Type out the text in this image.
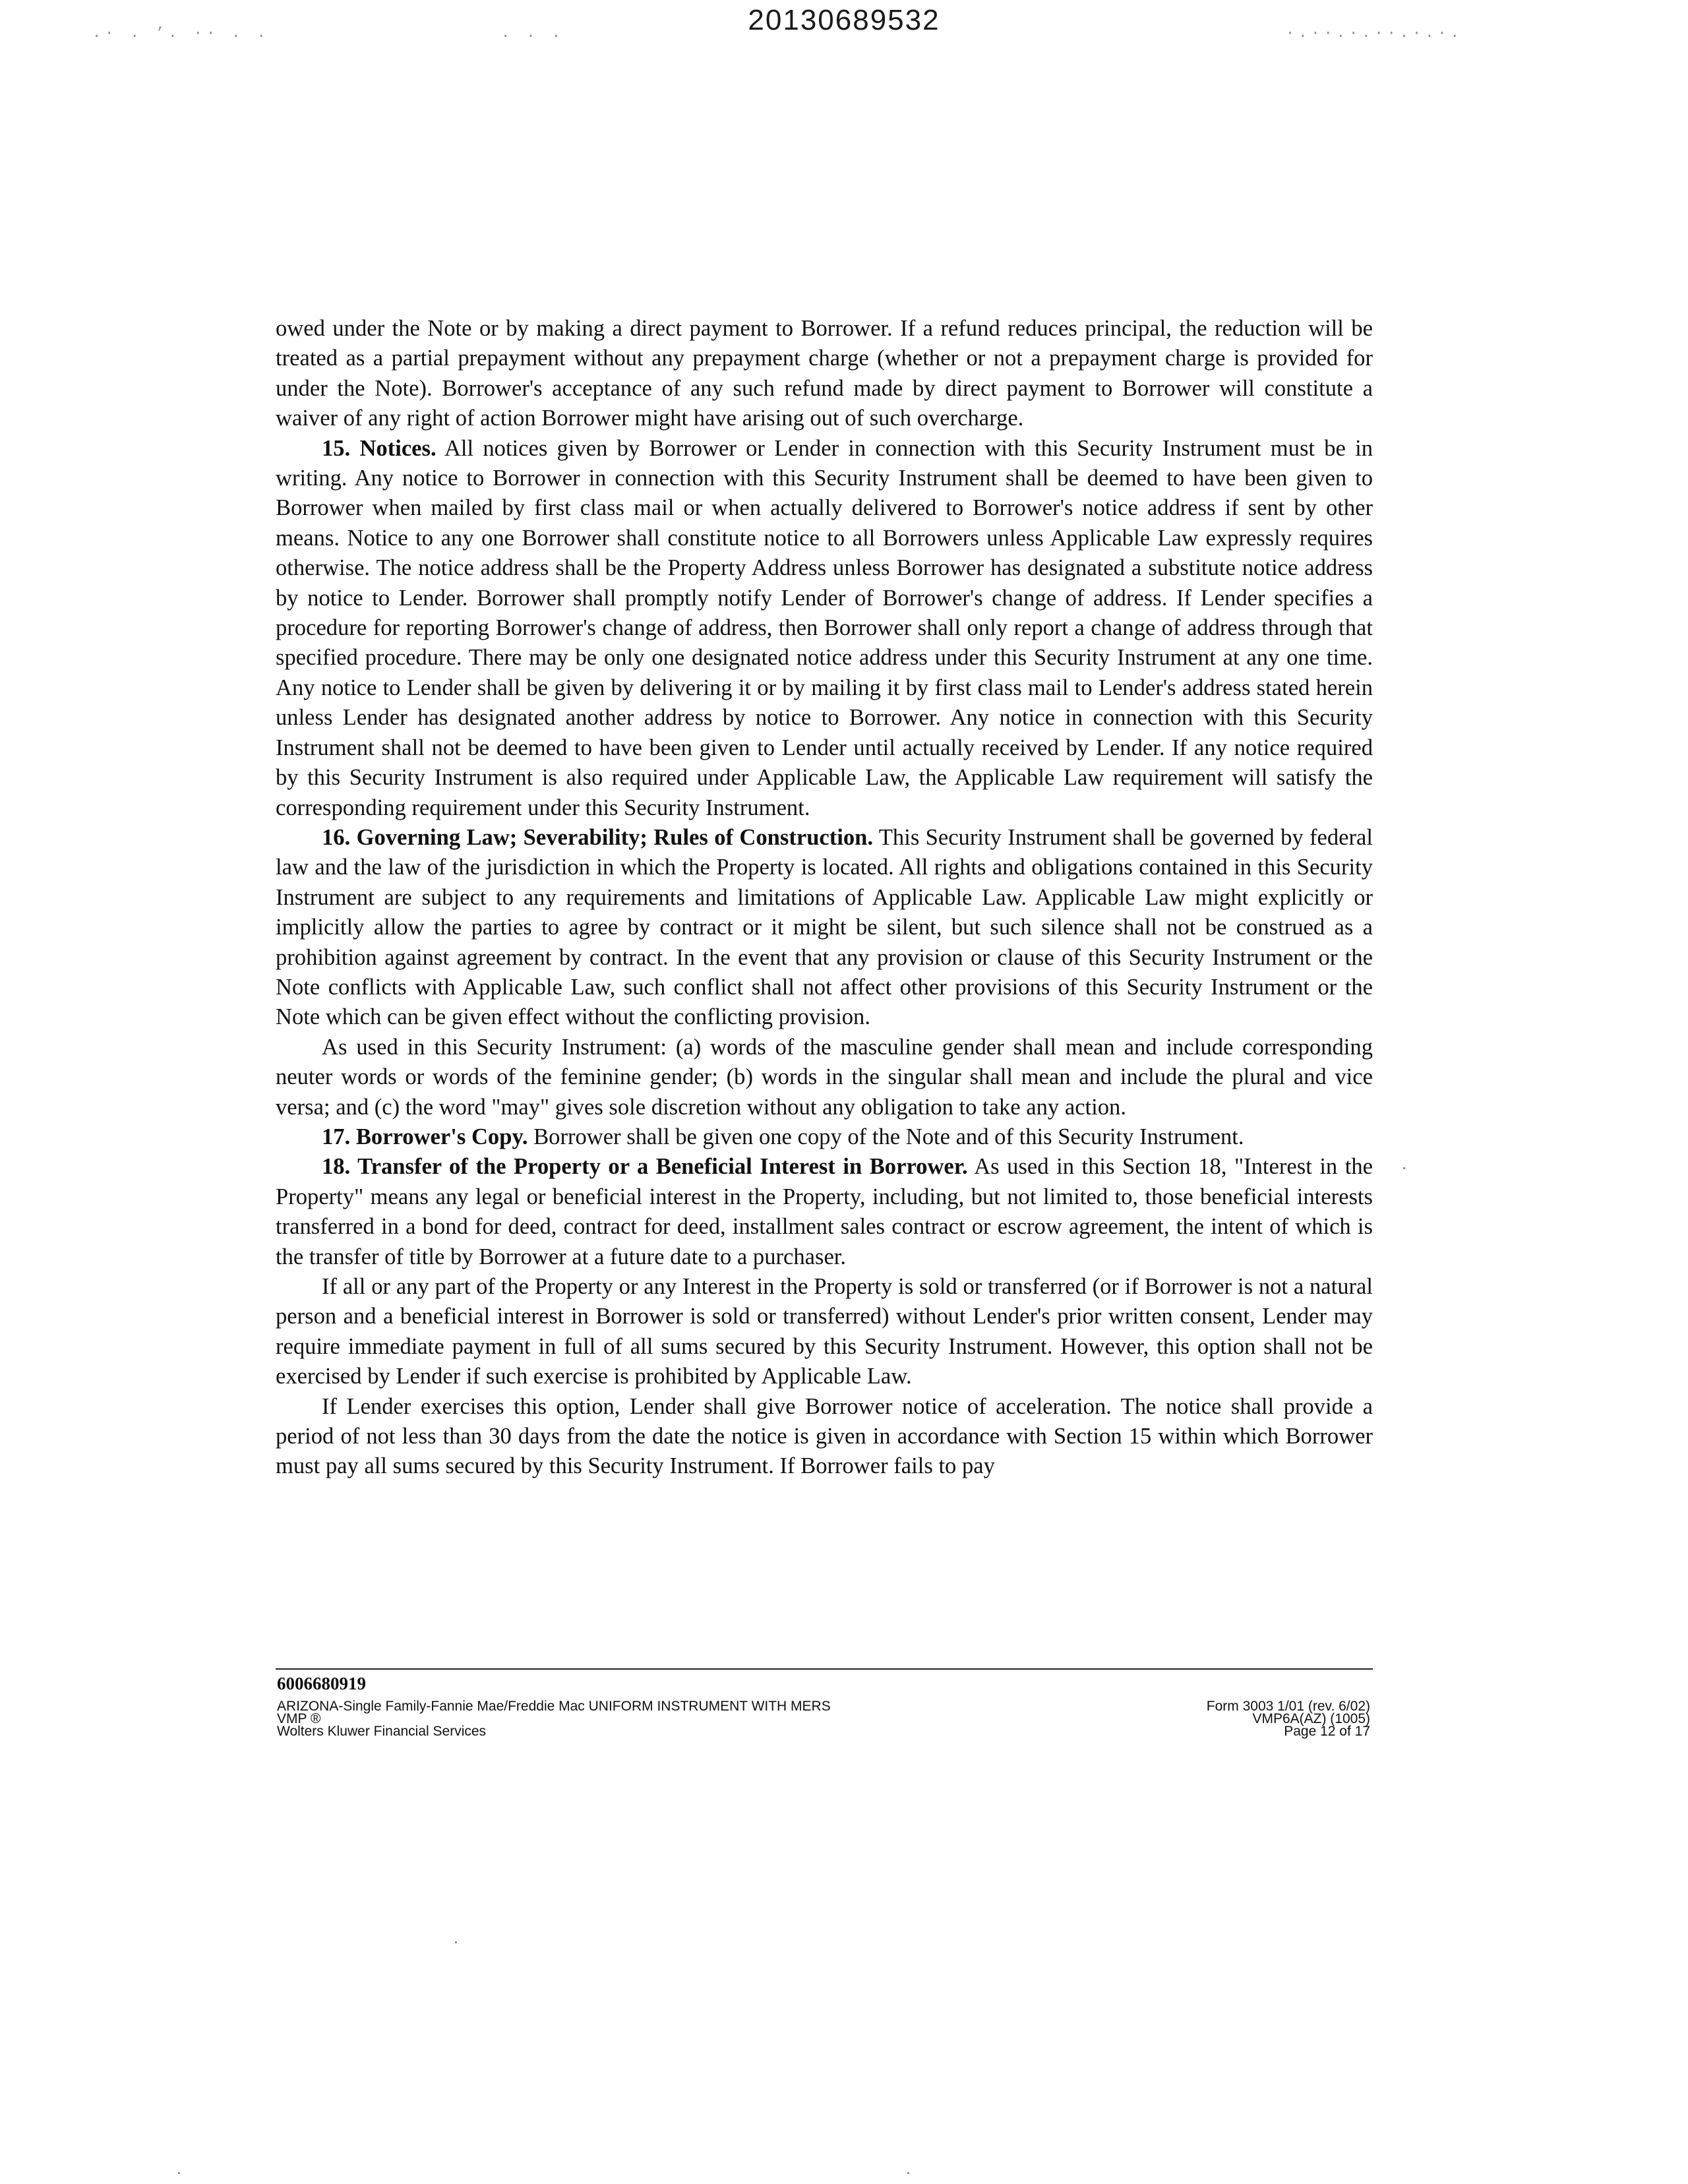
20130689532
.· . ’. ·· . .	. . .	·.··.·.··.·.·.

owed under the Note or by making a direct payment to Borrower. If a refund reduces principal, the reduction will be treated as a partial prepayment without any prepayment charge (whether or not a prepayment charge is provided for under the Note). Borrower's acceptance of any such refund made by direct payment to Borrower will constitute a waiver of any right of action Borrower might have arising out of such overcharge.

15. Notices. All notices given by Borrower or Lender in connection with this Security Instrument must be in writing. Any notice to Borrower in connection with this Security Instrument shall be deemed to have been given to Borrower when mailed by first class mail or when actually delivered to Borrower's notice address if sent by other means. Notice to any one Borrower shall constitute notice to all Borrowers unless Applicable Law expressly requires otherwise. The notice address shall be the Property Address unless Borrower has designated a substitute notice address by notice to Lender. Borrower shall promptly notify Lender of Borrower's change of address. If Lender specifies a procedure for reporting Borrower's change of address, then Borrower shall only report a change of address through that specified procedure. There may be only one designated notice address under this Security Instrument at any one time. Any notice to Lender shall be given by delivering it or by mailing it by first class mail to Lender's address stated herein unless Lender has designated another address by notice to Borrower. Any notice in connection with this Security Instrument shall not be deemed to have been given to Lender until actually received by Lender. If any notice required by this Security Instrument is also required under Applicable Law, the Applicable Law requirement will satisfy the corresponding requirement under this Security Instrument.

16. Governing Law; Severability; Rules of Construction. This Security Instrument shall be governed by federal law and the law of the jurisdiction in which the Property is located. All rights and obligations contained in this Security Instrument are subject to any requirements and limitations of Applicable Law. Applicable Law might explicitly or implicitly allow the parties to agree by contract or it might be silent, but such silence shall not be construed as a prohibition against agreement by contract. In the event that any provision or clause of this Security Instrument or the Note conflicts with Applicable Law, such conflict shall not affect other provisions of this Security Instrument or the Note which can be given effect without the conflicting provision.

As used in this Security Instrument: (a) words of the masculine gender shall mean and include corresponding neuter words or words of the feminine gender; (b) words in the singular shall mean and include the plural and vice versa; and (c) the word "may" gives sole discretion without any obligation to take any action.

17. Borrower's Copy. Borrower shall be given one copy of the Note and of this Security Instrument.

18. Transfer of the Property or a Beneficial Interest in Borrower. As used in this Section 18, "Interest in the Property" means any legal or beneficial interest in the Property, including, but not limited to, those beneficial interests transferred in a bond for deed, contract for deed, installment sales contract or escrow agreement, the intent of which is the transfer of title by Borrower at a future date to a purchaser.

If all or any part of the Property or any Interest in the Property is sold or transferred (or if Borrower is not a natural person and a beneficial interest in Borrower is sold or transferred) without Lender's prior written consent, Lender may require immediate payment in full of all sums secured by this Security Instrument. However, this option shall not be exercised by Lender if such exercise is prohibited by Applicable Law.

If Lender exercises this option, Lender shall give Borrower notice of acceleration. The notice shall provide a period of not less than 30 days from the date the notice is given in accordance with Section 15 within which Borrower must pay all sums secured by this Security Instrument. If Borrower fails to pay

6006680919
ARIZONA-Single Family-Fannie Mae/Freddie Mac UNIFORM INSTRUMENT WITH MERS
VMP ®
Wolters Kluwer Financial Services
Form 3003 1/01 (rev. 6/02)
VMP6A(AZ) (1005)
Page 12 of 17
